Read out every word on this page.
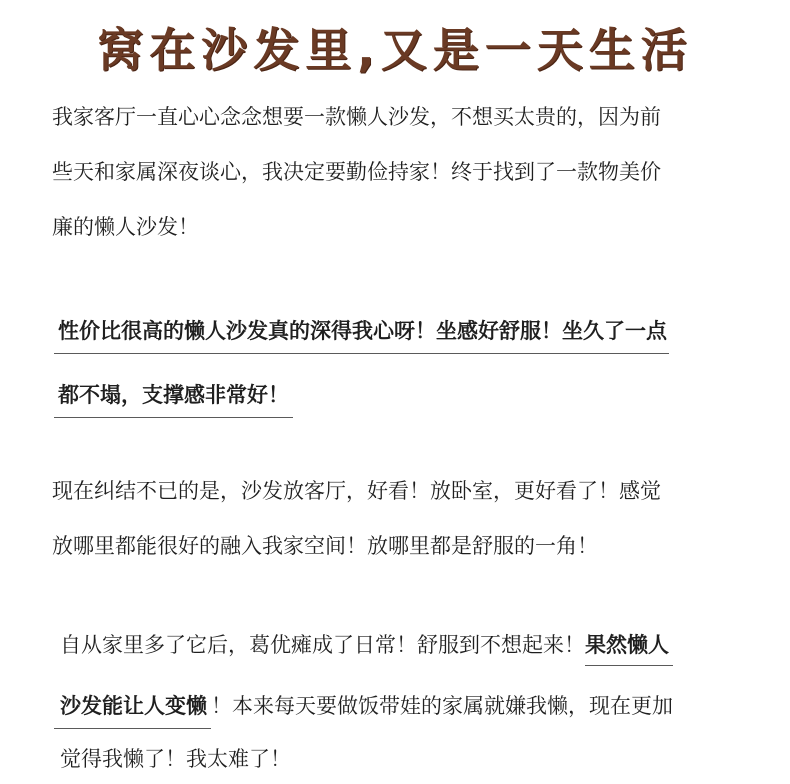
窝在沙发里,又是一天生活
我家客厅一直心心念念想要一款懒人沙发，不想买太贵的，因为前
些天和家属深夜谈心，我决定要勤俭持家！终于找到了一款物美价
廉的懒人沙发！
性价比很高的懒人沙发真的深得我心呀！坐感好舒服！坐久了一点
都不塌，支撑感非常好！
现在纠结不已的是，沙发放客厅，好看！放卧室，更好看了！感觉
放哪里都能很好的融入我家空间！放哪里都是舒服的一角！
自从家里多了它后，葛优瘫成了日常！舒服到不想起来！果然懒人
沙发能让人变懒 ！本来每天要做饭带娃的家属就嫌我懒，现在更加
觉得我懒了！我太难了！
